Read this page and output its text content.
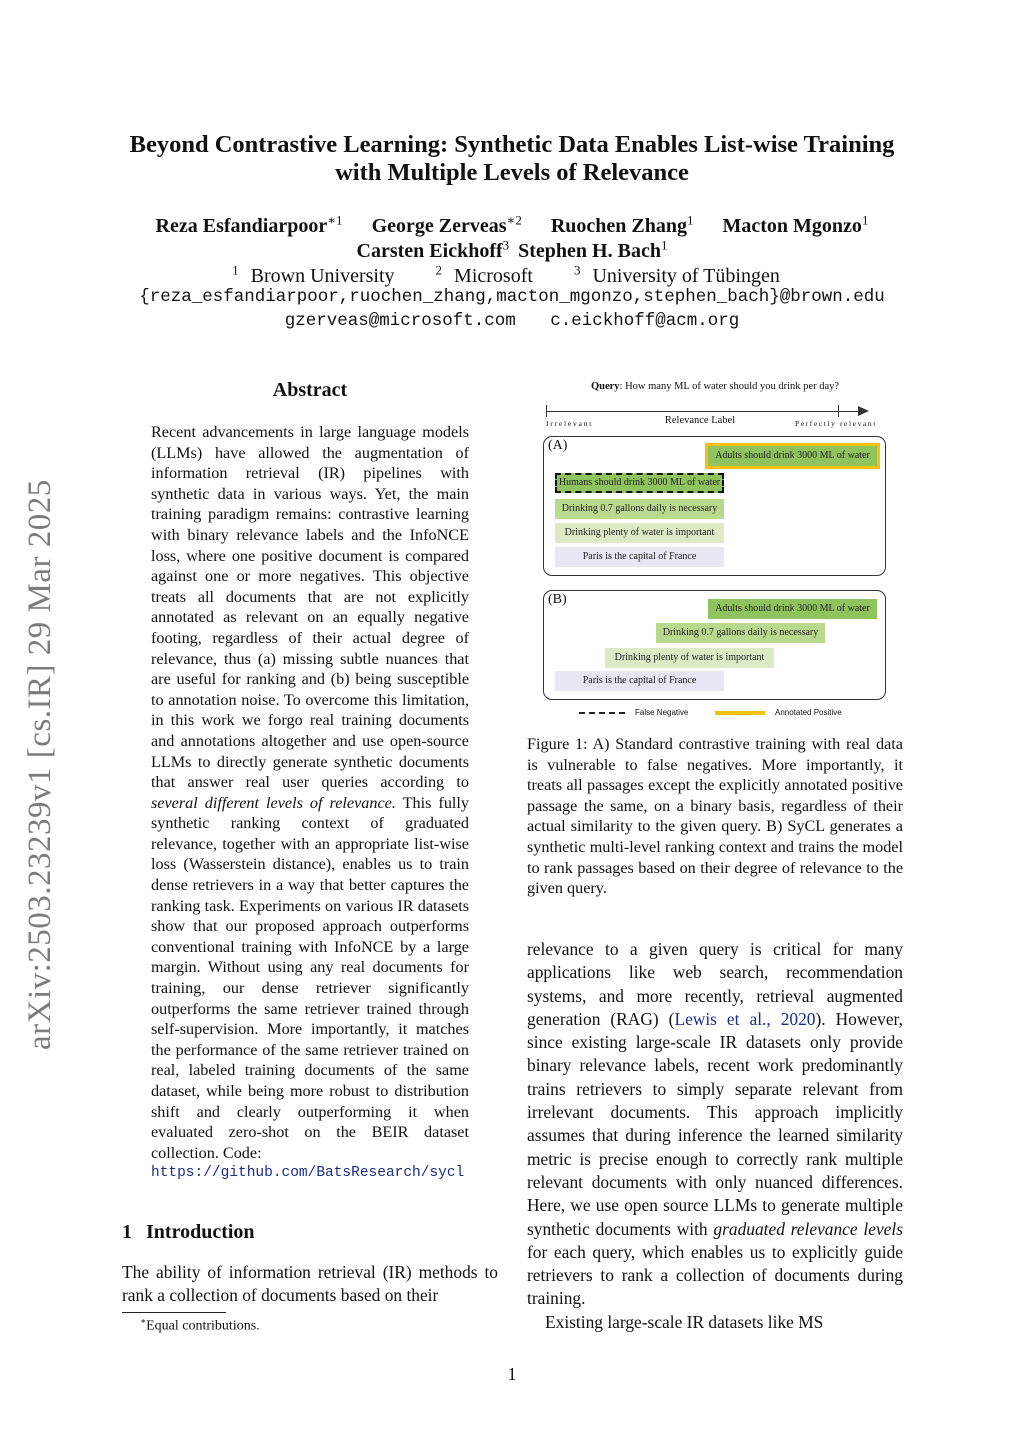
arXiv:2503.23239v1 [cs.IR] 29 Mar 2025
Beyond Contrastive Learning: Synthetic Data Enables List-wise Training
with Multiple Levels of Relevance
Reza Esfandiarpoor$^{∗1}$ George Zerveas$^{∗2}$ Ruochen Zhang$^1$ Macton Mgonzo$^1$
Carsten Eickhoff$^3$ Stephen H. Bach$^1$
$^1$ Brown University	$^2$ Microsoft	$^3$ University of Tübingen
{reza_esfandiarpoor,ruochen_zhang,macton_mgonzo,stephen_bach}@brown.edu
gzerveas@microsoft.com c.eickhoff@acm.org
Abstract
Recent advancements in large language models (LLMs) have allowed the augmentation of information retrieval (IR) pipelines with synthetic data in various ways. Yet, the main training paradigm remains: contrastive learning with binary relevance labels and the InfoNCE loss, where one positive document is compared against one or more negatives. This objective treats all documents that are not explicitly annotated as relevant on an equally negative footing, regardless of their actual degree of relevance, thus (a) missing subtle nuances that are useful for ranking and (b) being susceptible to annotation noise. To overcome this limitation, in this work we forgo real training documents and annotations altogether and use open-source LLMs to directly generate synthetic documents that answer real user queries according to several different levels of relevance. This fully synthetic ranking context of graduated relevance, together with an appropriate list-wise loss (Wasserstein distance), enables us to train dense retrievers in a way that better captures the ranking task. Experiments on various IR datasets show that our proposed approach outperforms conventional training with InfoNCE by a large margin. Without using any real documents for training, our dense retriever significantly outperforms the same retriever trained through self-supervision. More importantly, it matches the performance of the same retriever trained on real, labeled training documents of the same dataset, while being more robust to distribution shift and clearly outperforming it when evaluated zero-shot on the BEIR dataset collection. Code:
https://github.com/BatsResearch/sycl
1 Introduction
The ability of information retrieval (IR) methods to rank a collection of documents based on their
∗Equal contributions.
1
Query: How many ML of water should you drink per day?
Irrelevant	Relevance Label	Perfectly relevant
(A)
Adults should drink 3000 ML of water
Humans should drink 3000 ML of water
Drinking 0.7 gallons daily is necessary
Drinking plenty of water is important
Paris is the capital of France
(B)
Adults should drink 3000 ML of water
Drinking 0.7 gallons daily is necessary
Drinking plenty of water is important
Paris is the capital of France
False Negative	Annotated Positive
Figure 1: A) Standard contrastive training with real data is vulnerable to false negatives. More importantly, it treats all passages except the explicitly annotated positive passage the same, on a binary basis, regardless of their actual similarity to the given query. B) SyCL generates a synthetic multi-level ranking context and trains the model to rank passages based on their degree of relevance to the given query.
relevance to a given query is critical for many applications like web search, recommendation systems, and more recently, retrieval augmented generation (RAG) (Lewis et al., 2020). However, since existing large-scale IR datasets only provide binary relevance labels, recent work predominantly trains retrievers to simply separate relevant from irrelevant documents. This approach implicitly assumes that during inference the learned similarity metric is precise enough to correctly rank multiple relevant documents with only nuanced differences. Here, we use open source LLMs to generate multiple synthetic documents with graduated relevance levels for each query, which enables us to explicitly guide retrievers to rank a collection of documents during training.
Existing large-scale IR datasets like MS
